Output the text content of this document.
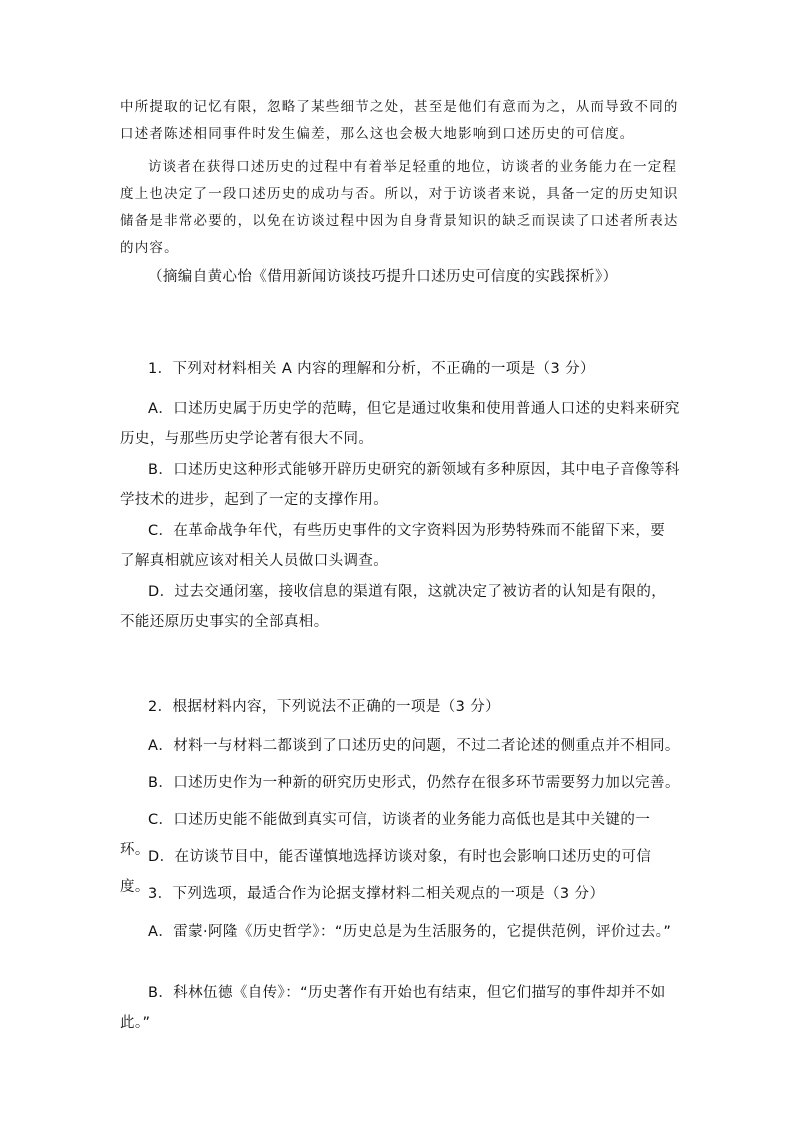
中所提取的记忆有限，忽略了某些细节之处，甚至是他们有意而为之，从而导致不同的口述者陈述相同事件时发生偏差，那么这也会极大地影响到口述历史的可信度。

访谈者在获得口述历史的过程中有着举足轻重的地位，访谈者的业务能力在一定程度上也决定了一段口述历史的成功与否。所以，对于访谈者来说，具备一定的历史知识储备是非常必要的，以免在访谈过程中因为自身背景知识的缺乏而误读了口述者所表达的内容。

（摘编自黄心怡《借用新闻访谈技巧提升口述历史可信度的实践探析》）

1．下列对材料相关 A 内容的理解和分析，不正确的一项是（3 分）

A．口述历史属于历史学的范畴，但它是通过收集和使用普通人口述的史料来研究历史，与那些历史学论著有很大不同。

B．口述历史这种形式能够开辟历史研究的新领域有多种原因，其中电子音像等科学技术的进步，起到了一定的支撑作用。

C．在革命战争年代，有些历史事件的文字资料因为形势特殊而不能留下来，要了解真相就应该对相关人员做口头调查。

D．过去交通闭塞，接收信息的渠道有限，这就决定了被访者的认知是有限的，不能还原历史事实的全部真相。

2．根据材料内容，下列说法不正确的一项是（3 分）

A．材料一与材料二都谈到了口述历史的问题，不过二者论述的侧重点并不相同。

B．口述历史作为一种新的研究历史形式，仍然存在很多环节需要努力加以完善。

C．口述历史能不能做到真实可信，访谈者的业务能力高低也是其中关键的一环。

D．在访谈节目中，能否谨慎地选择访谈对象，有时也会影响口述历史的可信度。

3．下列选项，最适合作为论据支撑材料二相关观点的一项是（3 分）

A．雷蒙·阿隆《历史哲学》：“历史总是为生活服务的，它提供范例，评价过去。”

B．科林伍德《自传》：“历史著作有开始也有结束，但它们描写的事件却并不如此。”
